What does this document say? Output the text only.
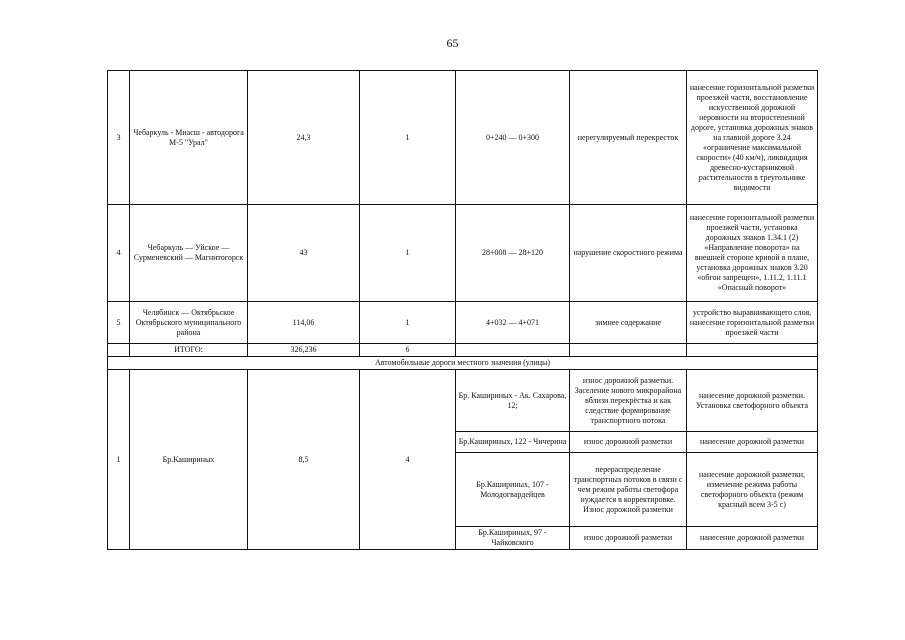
65
3	Чебаркуль - Миасш - автодорога М-5 "Урал"	24,3	1	0+240 — 0+300	нерегулируемый перекресток	нанесение горизонтальной разметки проезжей части, восстановление искусственной дорожной неровности на второстепенной дороге, установка дорожных знаков на главной дороге 3.24 «ограничение максимальной скорости» (40 км/ч), ликвидация древесно-кустарниковой растительности в треугольнике видимости
4	Чебаркуль — Уйское — Сурменевский — Магнитогорск	43	1	28+008 — 28+120	нарушение скоростного режима	нанесение горизонтальной разметки проезжей части, установка дорожных знаков 1.34.1 (2) «Направление поворота» на внешней стороне кривой в плане, установка дорожных знаков 3.20 «обгон запрещен», 1.11.2, 1.11.1 «Опасный поворот»
5	Челябинск — Октябрьское Октябрьского муниципального района	114,06	1	4+032 — 4+071	зимнее содержание	устройство выравнивающего слоя, нанесение горизонтальной разметки проезжей части
	ИТОГО:	326,236	6			
Автомобильные дороги местного значения (улицы)						
1	Бр.Кашириных	8,5	4	Бр. Кашириных - Ак. Сахарова, 12;	износ дорожной разметки. Заселение нового микрорайона вблизи перекрёстка и как следствие формирование транспортного потока	нанесение дорожной разметки. Установка светофорного объекта
				Бр.Кашириных, 122 - Чичерина	износ дорожной разметки	нанесение дорожной разметки
				Бр.Кашириных, 107 - Молодогвардейцев	перераспределение транспортных потоков в связи с чем режим работы светофора нуждается в корректировке. Износ дорожной разметки	нанесение дорожной разметки, изменение режима работы светофорного объекта (режим красный всем 3-5 с)
				Бр.Кашириных, 97 - Чайковского	износ дорожной разметки	нанесение дорожной разметки
